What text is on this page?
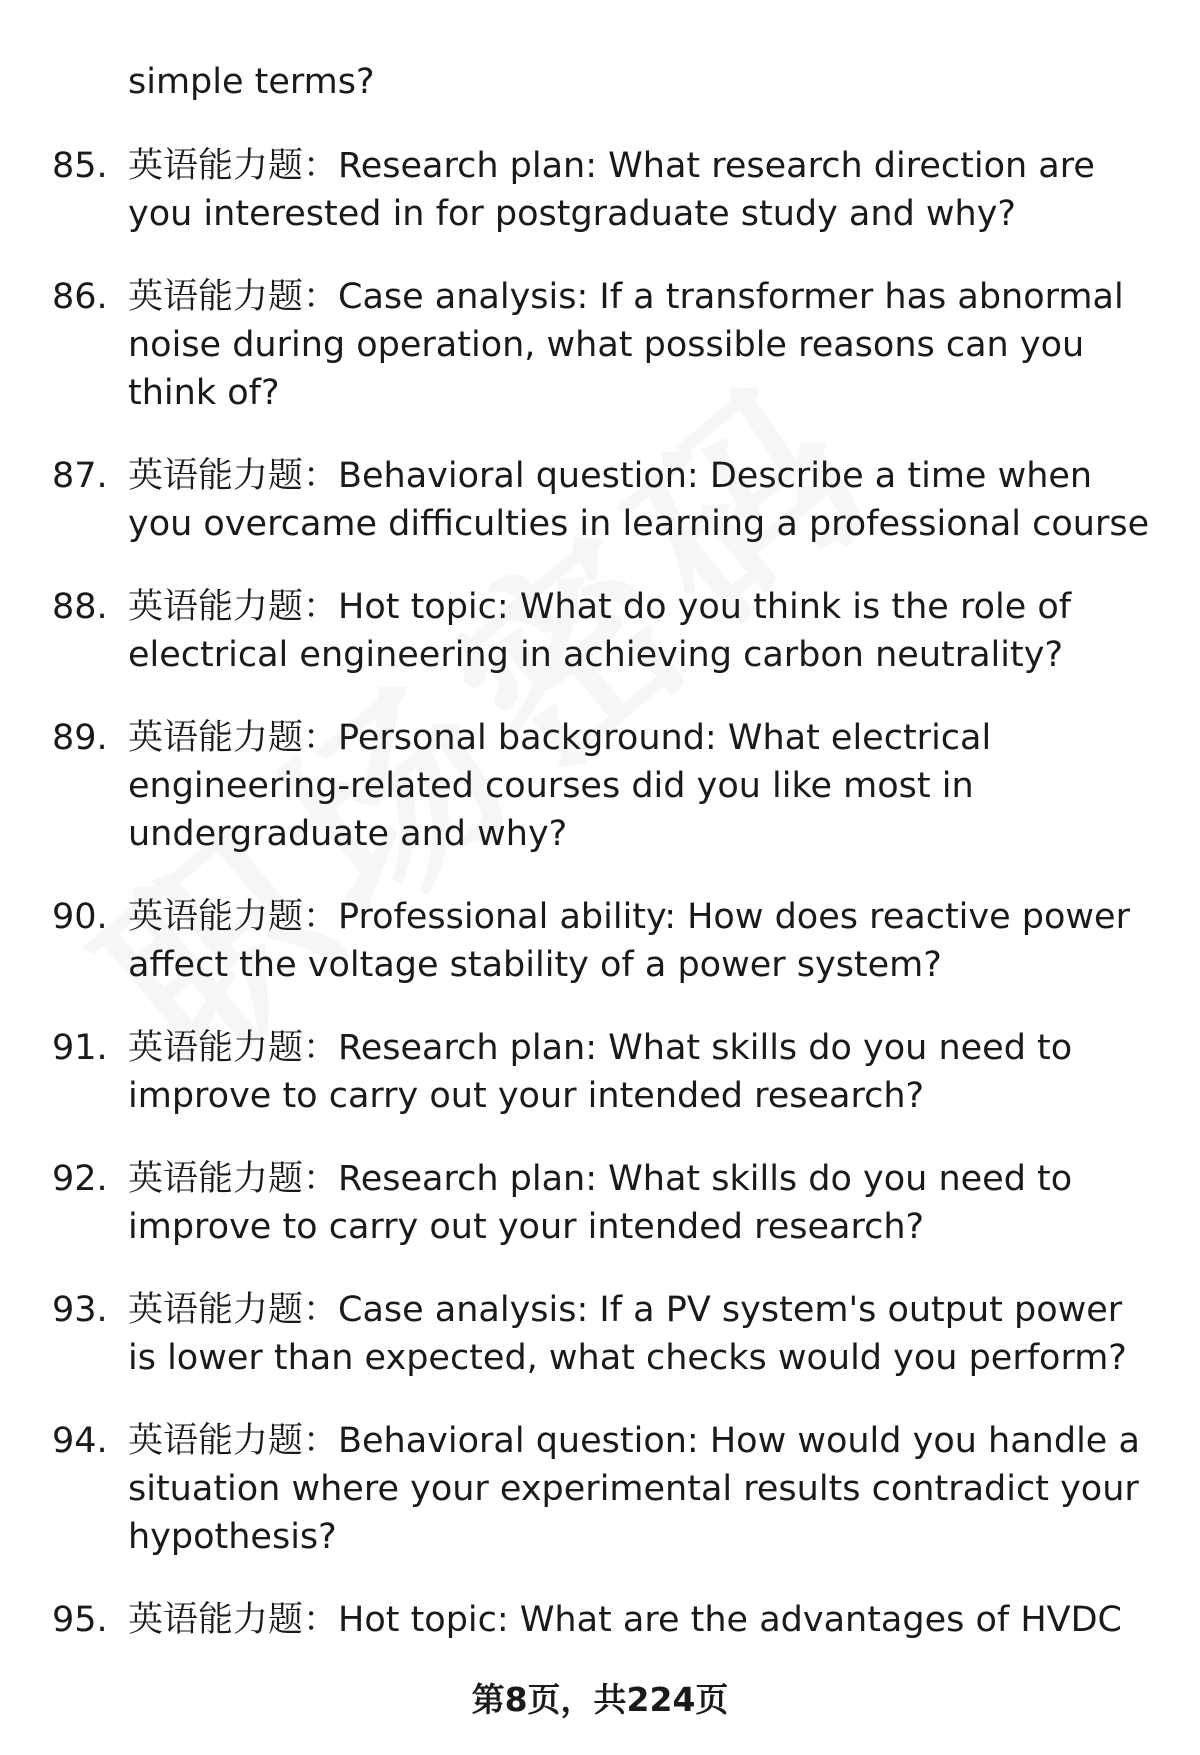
simple terms?

85. 英语能力题：Research plan: What research direction are you interested in for postgraduate study and why?
86. 英语能力题：Case analysis: If a transformer has abnormal noise during operation, what possible reasons can you think of?
87. 英语能力题：Behavioral question: Describe a time when you overcame difficulties in learning a professional course
88. 英语能力题：Hot topic: What do you think is the role of electrical engineering in achieving carbon neutrality?
89. 英语能力题：Personal background: What electrical engineering-related courses did you like most in undergraduate and why?
90. 英语能力题：Professional ability: How does reactive power affect the voltage stability of a power system?
91. 英语能力题：Research plan: What skills do you need to improve to carry out your intended research?
92. 英语能力题：Research plan: What skills do you need to improve to carry out your intended research?
93. 英语能力题：Case analysis: If a PV system's output power is lower than expected, what checks would you perform?
94. 英语能力题：Behavioral question: How would you handle a situation where your experimental results contradict your hypothesis?
95. 英语能力题：Hot topic: What are the advantages of HVDC
第8页，共224页
